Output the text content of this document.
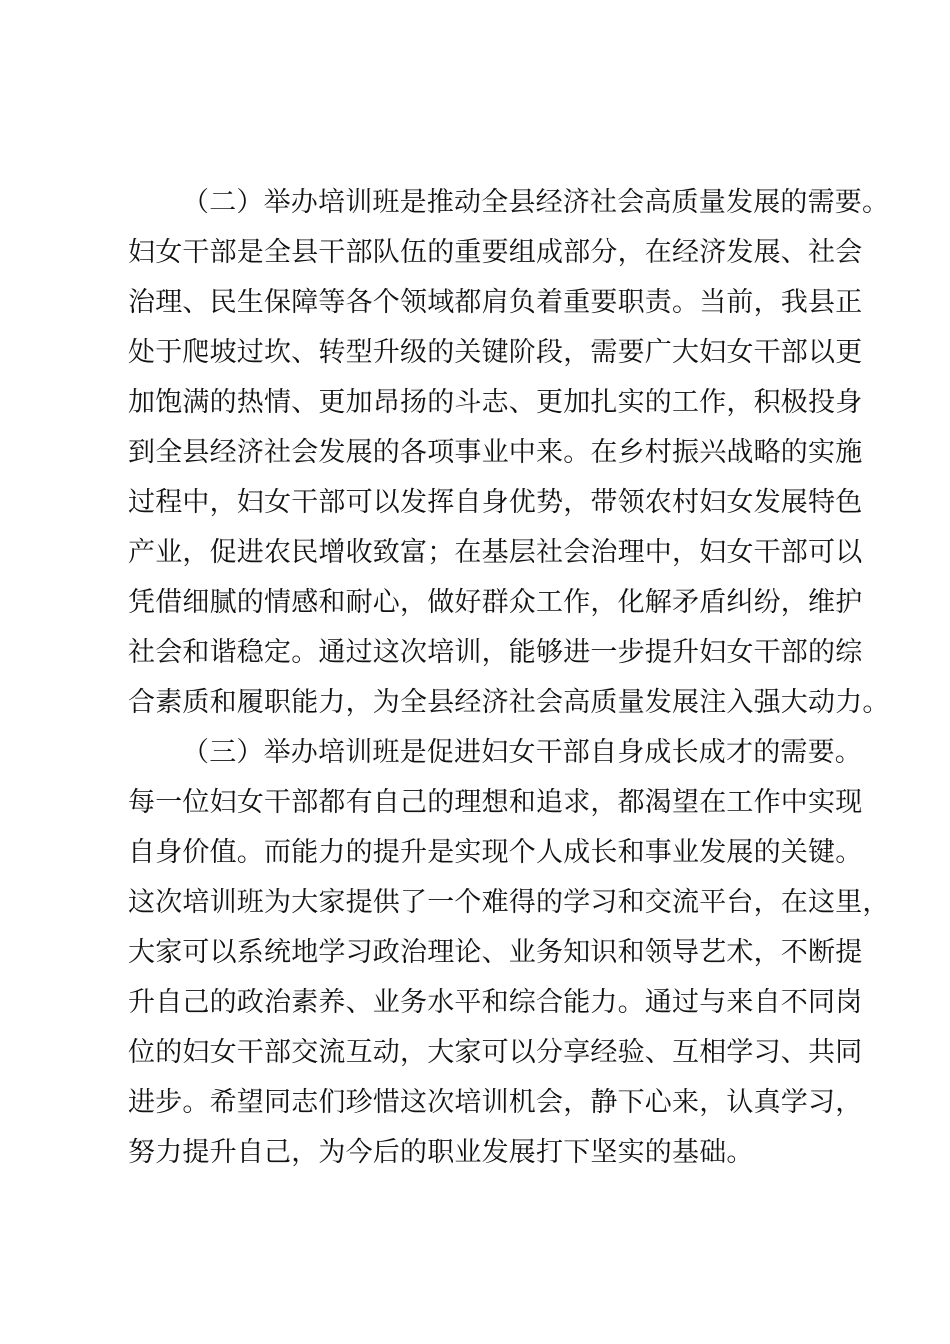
（二）举办培训班是推动全县经济社会高质量发展的需要。
妇女干部是全县干部队伍的重要组成部分，在经济发展、社会
治理、民生保障等各个领域都肩负着重要职责。当前，我县正
处于爬坡过坎、转型升级的关键阶段，需要广大妇女干部以更
加饱满的热情、更加昂扬的斗志、更加扎实的工作，积极投身
到全县经济社会发展的各项事业中来。在乡村振兴战略的实施
过程中，妇女干部可以发挥自身优势，带领农村妇女发展特色
产业，促进农民增收致富；在基层社会治理中，妇女干部可以
凭借细腻的情感和耐心，做好群众工作，化解矛盾纠纷，维护
社会和谐稳定。通过这次培训，能够进一步提升妇女干部的综
合素质和履职能力，为全县经济社会高质量发展注入强大动力。
（三）举办培训班是促进妇女干部自身成长成才的需要。
每一位妇女干部都有自己的理想和追求，都渴望在工作中实现
自身价值。而能力的提升是实现个人成长和事业发展的关键。
这次培训班为大家提供了一个难得的学习和交流平台，在这里，
大家可以系统地学习政治理论、业务知识和领导艺术，不断提
升自己的政治素养、业务水平和综合能力。通过与来自不同岗
位的妇女干部交流互动，大家可以分享经验、互相学习、共同
进步。希望同志们珍惜这次培训机会，静下心来，认真学习，
努力提升自己，为今后的职业发展打下坚实的基础。
